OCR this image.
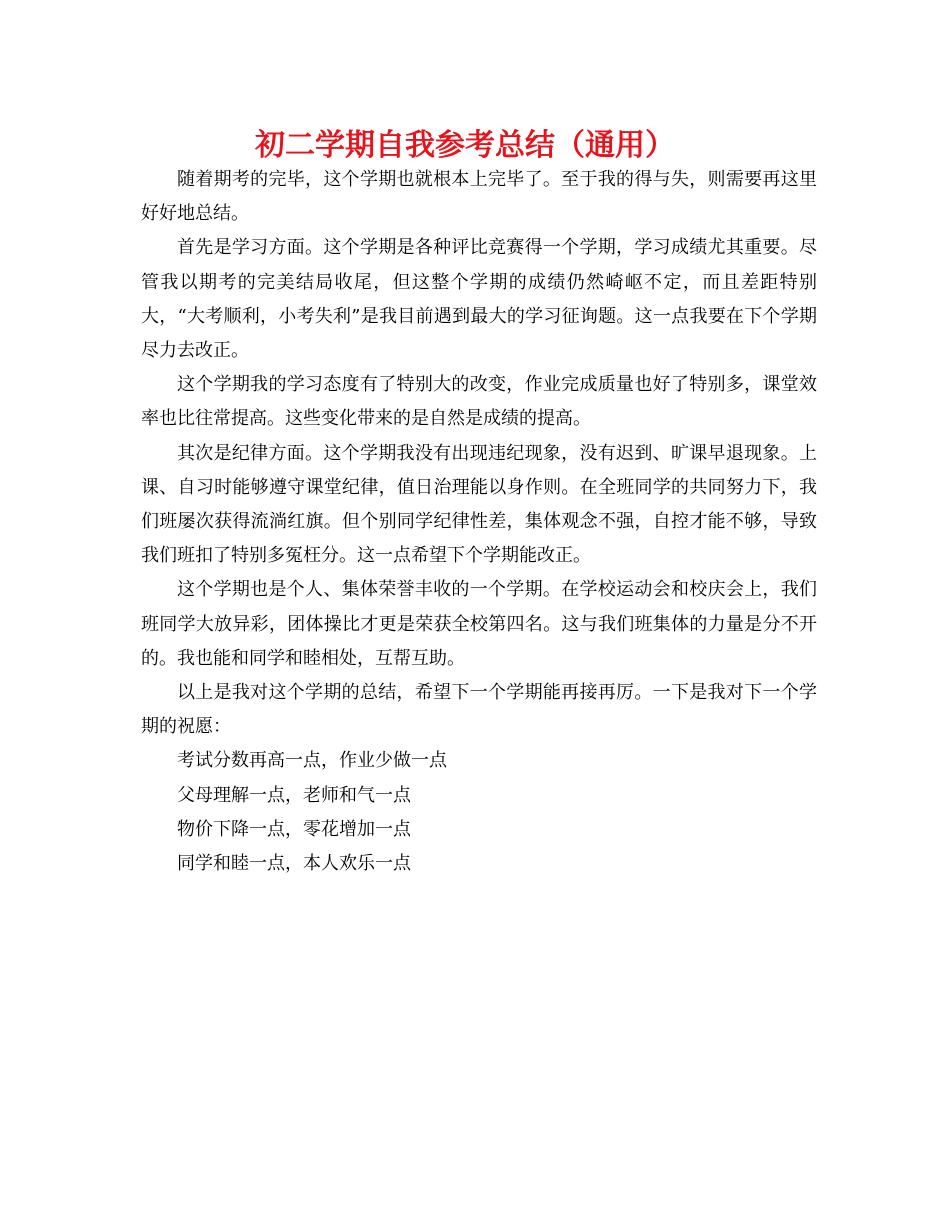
初二学期自我参考总结（通用）

随着期考的完毕，这个学期也就根本上完毕了。至于我的得与失，则需要再这里好好地总结。

首先是学习方面。这个学期是各种评比竞赛得一个学期，学习成绩尤其重要。尽管我以期考的完美结局收尾，但这整个学期的成绩仍然崎岖不定，而且差距特别大，“大考顺利，小考失利”是我目前遇到最大的学习征询题。这一点我要在下个学期尽力去改正。

这个学期我的学习态度有了特别大的改变，作业完成质量也好了特别多，课堂效率也比往常提高。这些变化带来的是自然是成绩的提高。

其次是纪律方面。这个学期我没有出现违纪现象，没有迟到、旷课早退现象。上课、自习时能够遵守课堂纪律，值日治理能以身作则。在全班同学的共同努力下，我们班屡次获得流淌红旗。但个别同学纪律性差，集体观念不强，自控才能不够，导致我们班扣了特别多冤枉分。这一点希望下个学期能改正。

这个学期也是个人、集体荣誉丰收的一个学期。在学校运动会和校庆会上，我们班同学大放异彩，团体操比才更是荣获全校第四名。这与我们班集体的力量是分不开的。我也能和同学和睦相处，互帮互助。

以上是我对这个学期的总结，希望下一个学期能再接再厉。一下是我对下一个学期的祝愿：

考试分数再高一点，作业少做一点

父母理解一点，老师和气一点

物价下降一点，零花增加一点

同学和睦一点，本人欢乐一点
